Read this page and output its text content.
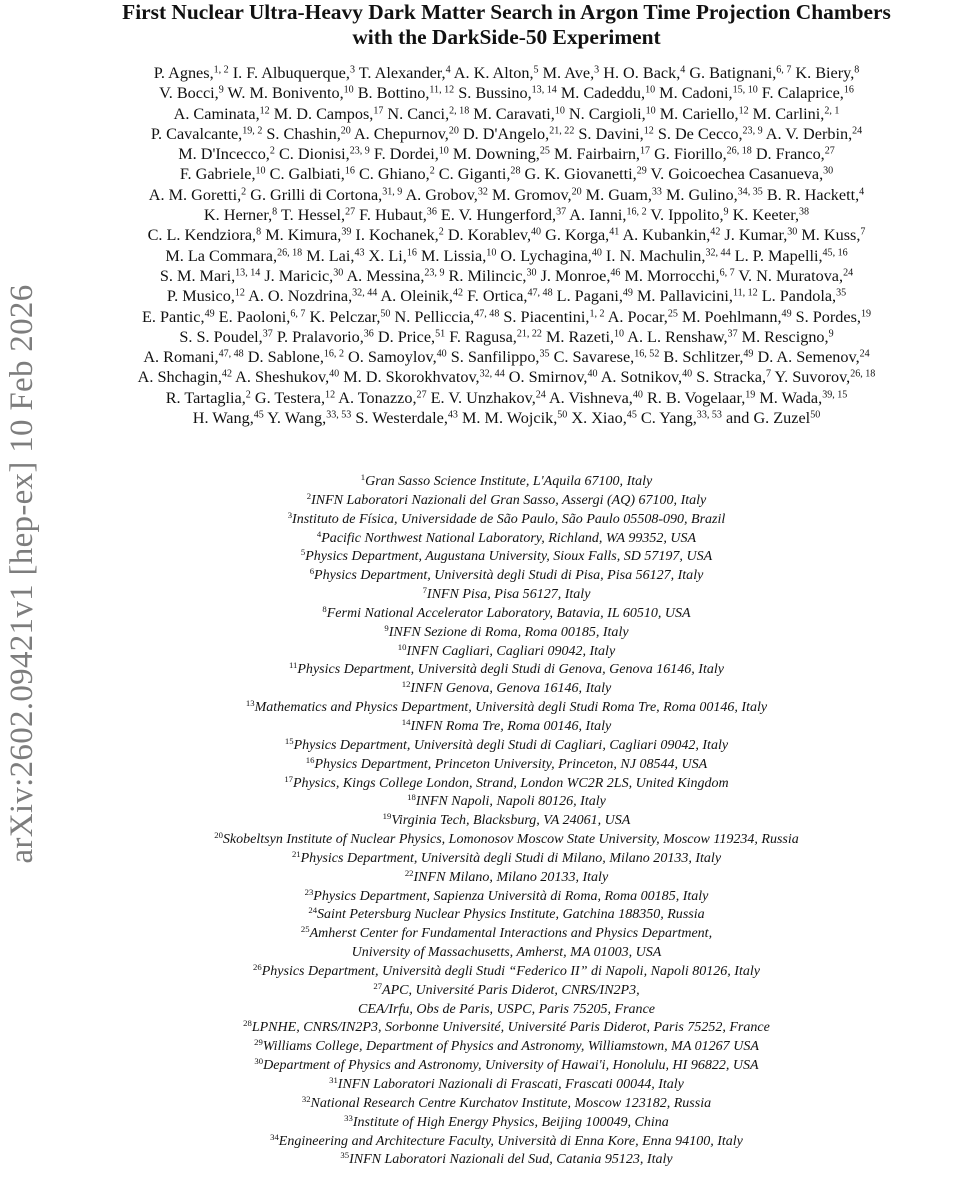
arXiv:2602.09421v1 [hep-ex] 10 Feb 2026
First Nuclear Ultra-Heavy Dark Matter Search in Argon Time Projection Chambers
with the DarkSide-50 Experiment
P. Agnes,$^{1, 2}$ I. F. Albuquerque,$^3$ T. Alexander,$^4$ A. K. Alton,$^5$ M. Ave,$^3$ H. O. Back,$^4$ G. Batignani,$^{6, 7}$ K. Biery,$^8$
V. Bocci,$^9$ W. M. Bonivento,$^{10}$ B. Bottino,$^{11, 12}$ S. Bussino,$^{13, 14}$ M. Cadeddu,$^{10}$ M. Cadoni,$^{15, 10}$ F. Calaprice,$^{16}$
A. Caminata,$^{12}$ M. D. Campos,$^{17}$ N. Canci,$^{2, 18}$ M. Caravati,$^{10}$ N. Cargioli,$^{10}$ M. Cariello,$^{12}$ M. Carlini,$^{2, 1}$
P. Cavalcante,$^{19, 2}$ S. Chashin,$^{20}$ A. Chepurnov,$^{20}$ D. D'Angelo,$^{21, 22}$ S. Davini,$^{12}$ S. De Cecco,$^{23, 9}$ A. V. Derbin,$^{24}$
M. D'Incecco,$^2$ C. Dionisi,$^{23, 9}$ F. Dordei,$^{10}$ M. Downing,$^{25}$ M. Fairbairn,$^{17}$ G. Fiorillo,$^{26, 18}$ D. Franco,$^{27}$
F. Gabriele,$^{10}$ C. Galbiati,$^{16}$ C. Ghiano,$^2$ C. Giganti,$^{28}$ G. K. Giovanetti,$^{29}$ V. Goicoechea Casanueva,$^{30}$
A. M. Goretti,$^2$ G. Grilli di Cortona,$^{31, 9}$ A. Grobov,$^{32}$ M. Gromov,$^{20}$ M. Guam,$^{33}$ M. Gulino,$^{34, 35}$ B. R. Hackett,$^4$
K. Herner,$^8$ T. Hessel,$^{27}$ F. Hubaut,$^{36}$ E. V. Hungerford,$^{37}$ A. Ianni,$^{16, 2}$ V. Ippolito,$^9$ K. Keeter,$^{38}$
C. L. Kendziora,$^8$ M. Kimura,$^{39}$ I. Kochanek,$^2$ D. Korablev,$^{40}$ G. Korga,$^{41}$ A. Kubankin,$^{42}$ J. Kumar,$^{30}$ M. Kuss,$^7$
M. La Commara,$^{26, 18}$ M. Lai,$^{43}$ X. Li,$^{16}$ M. Lissia,$^{10}$ O. Lychagina,$^{40}$ I. N. Machulin,$^{32, 44}$ L. P. Mapelli,$^{45, 16}$
S. M. Mari,$^{13, 14}$ J. Maricic,$^{30}$ A. Messina,$^{23, 9}$ R. Milincic,$^{30}$ J. Monroe,$^{46}$ M. Morrocchi,$^{6, 7}$ V. N. Muratova,$^{24}$
P. Musico,$^{12}$ A. O. Nozdrina,$^{32, 44}$ A. Oleinik,$^{42}$ F. Ortica,$^{47, 48}$ L. Pagani,$^{49}$ M. Pallavicini,$^{11, 12}$ L. Pandola,$^{35}$
E. Pantic,$^{49}$ E. Paoloni,$^{6, 7}$ K. Pelczar,$^{50}$ N. Pelliccia,$^{47, 48}$ S. Piacentini,$^{1, 2}$ A. Pocar,$^{25}$ M. Poehlmann,$^{49}$ S. Pordes,$^{19}$
S. S. Poudel,$^{37}$ P. Pralavorio,$^{36}$ D. Price,$^{51}$ F. Ragusa,$^{21, 22}$ M. Razeti,$^{10}$ A. L. Renshaw,$^{37}$ M. Rescigno,$^9$
A. Romani,$^{47, 48}$ D. Sablone,$^{16, 2}$ O. Samoylov,$^{40}$ S. Sanfilippo,$^{35}$ C. Savarese,$^{16, 52}$ B. Schlitzer,$^{49}$ D. A. Semenov,$^{24}$
A. Shchagin,$^{42}$ A. Sheshukov,$^{40}$ M. D. Skorokhvatov,$^{32, 44}$ O. Smirnov,$^{40}$ A. Sotnikov,$^{40}$ S. Stracka,$^7$ Y. Suvorov,$^{26, 18}$
R. Tartaglia,$^2$ G. Testera,$^{12}$ A. Tonazzo,$^{27}$ E. V. Unzhakov,$^{24}$ A. Vishneva,$^{40}$ R. B. Vogelaar,$^{19}$ M. Wada,$^{39, 15}$
H. Wang,$^{45}$ Y. Wang,$^{33, 53}$ S. Westerdale,$^{43}$ M. M. Wojcik,$^{50}$ X. Xiao,$^{45}$ C. Yang,$^{33, 53}$ and G. Zuzel$^{50}$
$^1$Gran Sasso Science Institute, L'Aquila 67100, Italy
$^2$INFN Laboratori Nazionali del Gran Sasso, Assergi (AQ) 67100, Italy
$^3$Instituto de Física, Universidade de São Paulo, São Paulo 05508-090, Brazil
$^4$Pacific Northwest National Laboratory, Richland, WA 99352, USA
$^5$Physics Department, Augustana University, Sioux Falls, SD 57197, USA
$^6$Physics Department, Università degli Studi di Pisa, Pisa 56127, Italy
$^7$INFN Pisa, Pisa 56127, Italy
$^8$Fermi National Accelerator Laboratory, Batavia, IL 60510, USA
$^9$INFN Sezione di Roma, Roma 00185, Italy
$^{10}$INFN Cagliari, Cagliari 09042, Italy
$^{11}$Physics Department, Università degli Studi di Genova, Genova 16146, Italy
$^{12}$INFN Genova, Genova 16146, Italy
$^{13}$Mathematics and Physics Department, Università degli Studi Roma Tre, Roma 00146, Italy
$^{14}$INFN Roma Tre, Roma 00146, Italy
$^{15}$Physics Department, Università degli Studi di Cagliari, Cagliari 09042, Italy
$^{16}$Physics Department, Princeton University, Princeton, NJ 08544, USA
$^{17}$Physics, Kings College London, Strand, London WC2R 2LS, United Kingdom
$^{18}$INFN Napoli, Napoli 80126, Italy
$^{19}$Virginia Tech, Blacksburg, VA 24061, USA
$^{20}$Skobeltsyn Institute of Nuclear Physics, Lomonosov Moscow State University, Moscow 119234, Russia
$^{21}$Physics Department, Università degli Studi di Milano, Milano 20133, Italy
$^{22}$INFN Milano, Milano 20133, Italy
$^{23}$Physics Department, Sapienza Università di Roma, Roma 00185, Italy
$^{24}$Saint Petersburg Nuclear Physics Institute, Gatchina 188350, Russia
$^{25}$Amherst Center for Fundamental Interactions and Physics Department,
University of Massachusetts, Amherst, MA 01003, USA
$^{26}$Physics Department, Università degli Studi “Federico II” di Napoli, Napoli 80126, Italy
$^{27}$APC, Université Paris Diderot, CNRS/IN2P3,
CEA/Irfu, Obs de Paris, USPC, Paris 75205, France
$^{28}$LPNHE, CNRS/IN2P3, Sorbonne Université, Université Paris Diderot, Paris 75252, France
$^{29}$Williams College, Department of Physics and Astronomy, Williamstown, MA 01267 USA
$^{30}$Department of Physics and Astronomy, University of Hawai'i, Honolulu, HI 96822, USA
$^{31}$INFN Laboratori Nazionali di Frascati, Frascati 00044, Italy
$^{32}$National Research Centre Kurchatov Institute, Moscow 123182, Russia
$^{33}$Institute of High Energy Physics, Beijing 100049, China
$^{34}$Engineering and Architecture Faculty, Università di Enna Kore, Enna 94100, Italy
$^{35}$INFN Laboratori Nazionali del Sud, Catania 95123, Italy
